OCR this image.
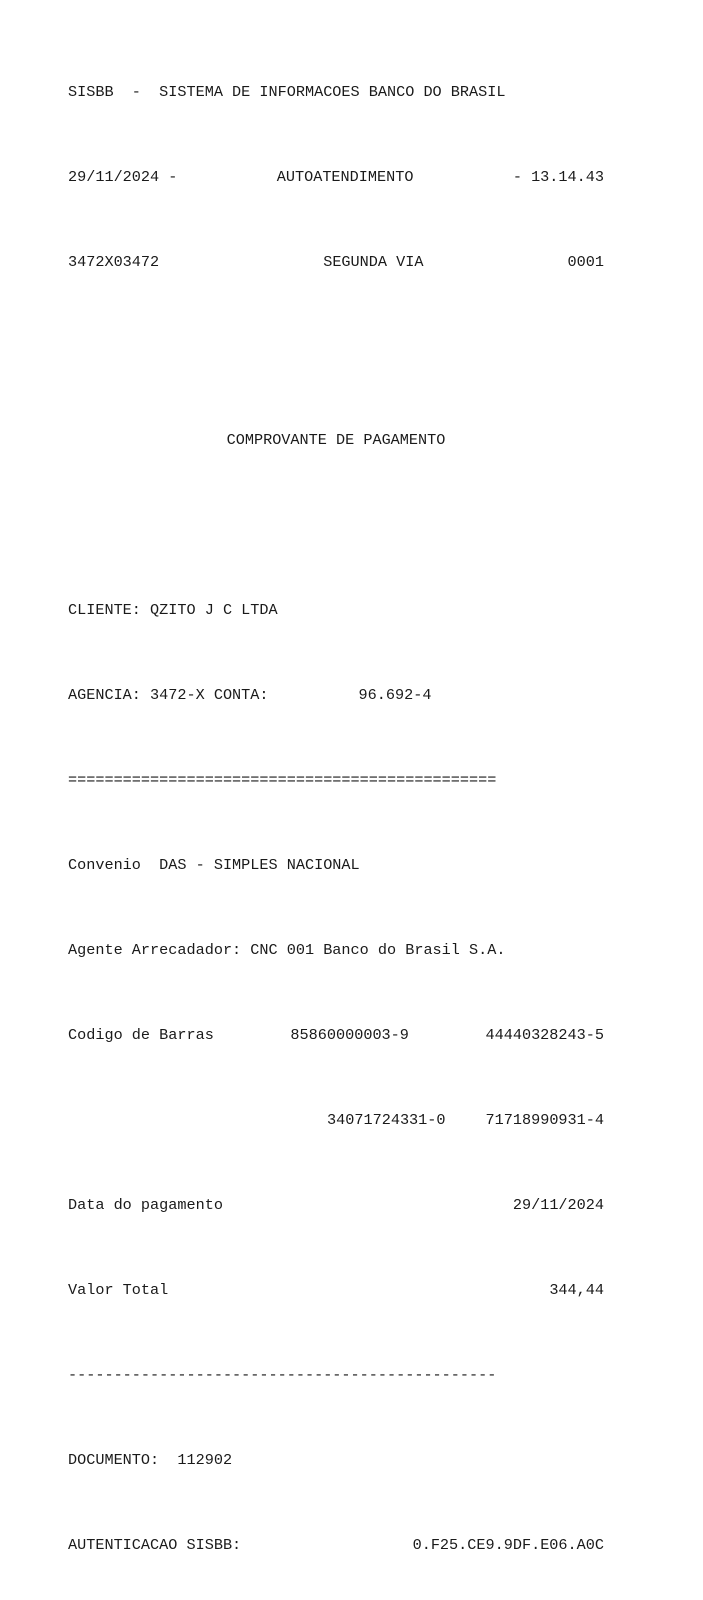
SISBB  -  SISTEMA DE INFORMACOES BANCO DO BRASIL

29/11/2024 -	AUTOATENDIMENTO	- 13.14.43

3472X03472	SEGUNDA VIA	0001

COMPROVANTE DE PAGAMENTO

CLIENTE: QZITO J C LTDA

AGENCIA: 3472-X CONTA:	96.692-4

===============================================

Convenio  DAS - SIMPLES NACIONAL

Agente Arrecadador: CNC 001 Banco do Brasil S.A.

Codigo de Barras	85860000003-9	44440328243-5

34071724331-0	71718990931-4

Data do pagamento	29/11/2024

Valor Total	344,44

-----------------------------------------------

DOCUMENTO: 112902

AUTENTICACAO SISBB:	0.F25.CE9.9DF.E06.A0C
